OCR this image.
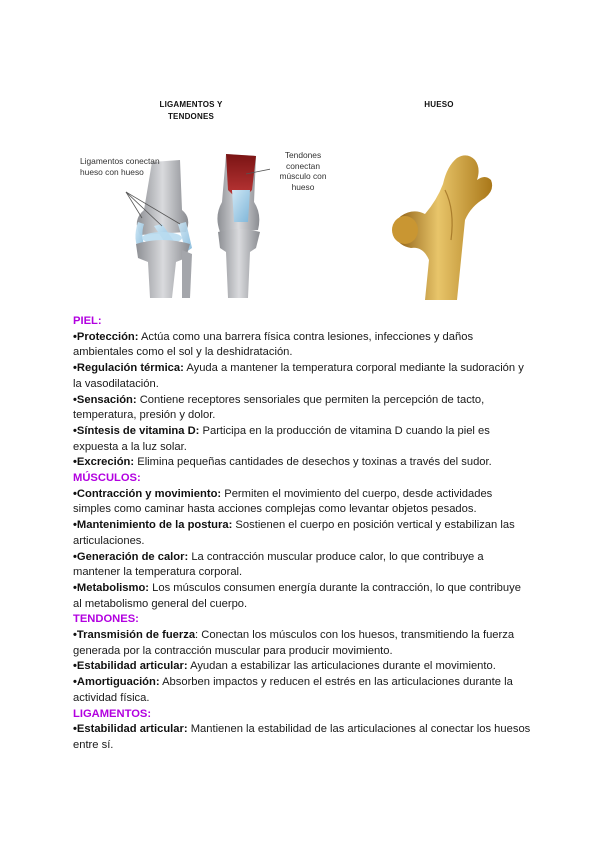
LIGAMENTOS Y TENDONES
HUESO
Ligamentos conectan hueso con hueso
Tendones conectan músculo con hueso

PIEL:

•Protección: Actúa como una barrera física contra lesiones, infecciones y daños ambientales como el sol y la deshidratación.

•Regulación térmica: Ayuda a mantener la temperatura corporal mediante la sudoración y la vasodilatación.

•Sensación: Contiene receptores sensoriales que permiten la percepción de tacto, temperatura, presión y dolor.

•Síntesis de vitamina D: Participa en la producción de vitamina D cuando la piel es expuesta a la luz solar.

•Excreción: Elimina pequeñas cantidades de desechos y toxinas a través del sudor.

MÚSCULOS:

•Contracción y movimiento: Permiten el movimiento del cuerpo, desde actividades simples como caminar hasta acciones complejas como levantar objetos pesados.

•Mantenimiento de la postura: Sostienen el cuerpo en posición vertical y estabilizan las articulaciones.

•Generación de calor: La contracción muscular produce calor, lo que contribuye a mantener la temperatura corporal.

•Metabolismo: Los músculos consumen energía durante la contracción, lo que contribuye al metabolismo general del cuerpo.

TENDONES:

•Transmisión de fuerza: Conectan los músculos con los huesos, transmitiendo la fuerza generada por la contracción muscular para producir movimiento.

•Estabilidad articular: Ayudan a estabilizar las articulaciones durante el movimiento.

•Amortiguación: Absorben impactos y reducen el estrés en las articulaciones durante la actividad física.

LIGAMENTOS:

•Estabilidad articular: Mantienen la estabilidad de las articulaciones al conectar los huesos entre sí.
